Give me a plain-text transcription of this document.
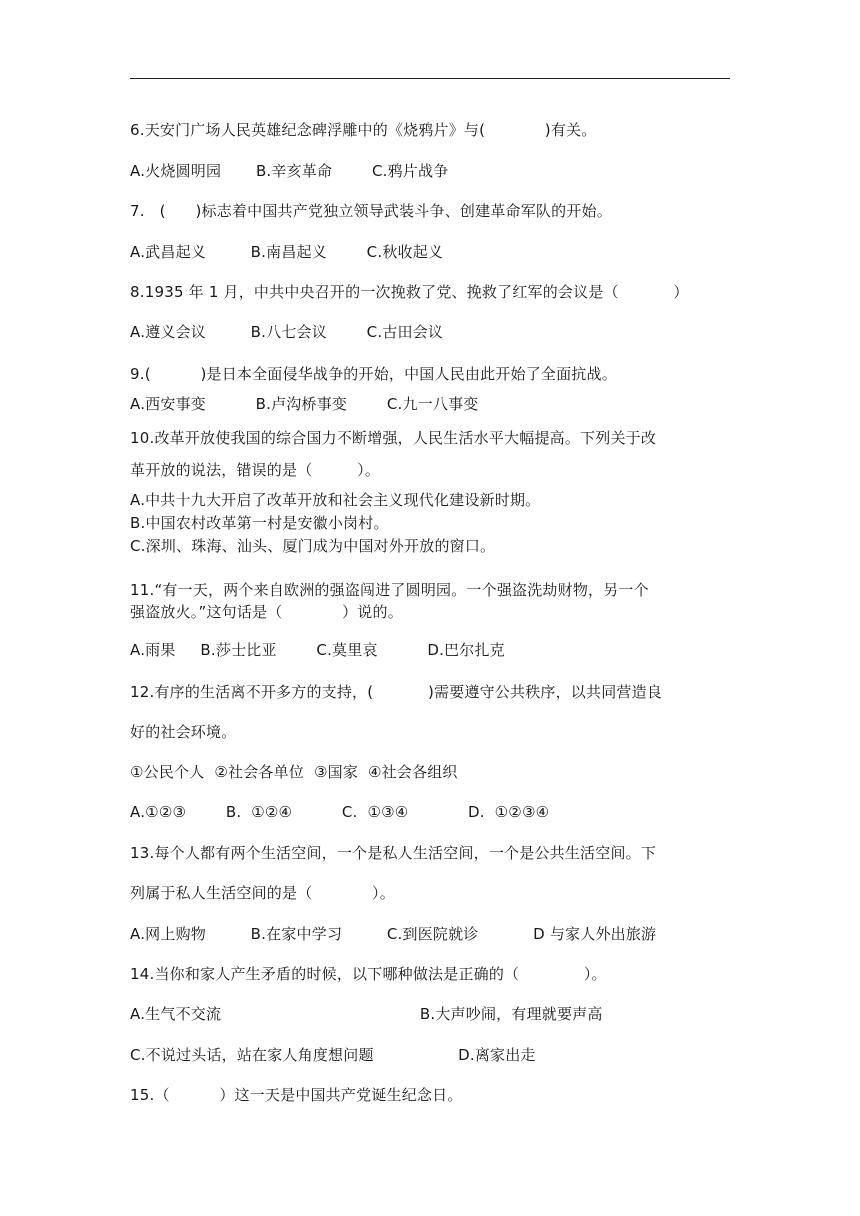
6.天安门广场人民英雄纪念碑浮雕中的《烧鸦片》与(            )有关。
A.火烧圆明园       B.辛亥革命        C.鸦片战争
7.   (      )标志着中国共产党独立领导武装斗争、创建革命军队的开始。
A.武昌起义         B.南昌起义        C.秋收起义
8.1935 年 1 月，中共中央召开的一次挽救了党、挽救了红军的会议是（           ）
A.遵义会议         B.八七会议        C.古田会议
9.(          )是日本全面侵华战争的开始，中国人民由此开始了全面抗战。
A.西安事变          B.卢沟桥事变        C.九一八事变
10.改革开放使我国的综合国力不断增强，人民生活水平大幅提高。下列关于改
革开放的说法，错误的是（         ）。
A.中共十九大开启了改革开放和社会主义现代化建设新时期。
B.中国农村改革第一村是安徽小岗村。
C.深圳、珠海、汕头、厦门成为中国对外开放的窗口。
11.“有一天，两个来自欧洲的强盗闯进了圆明园。一个强盗洗劫财物，另一个
强盗放火。”这句话是（            ）说的。
A.雨果     B.莎士比亚        C.莫里哀          D.巴尔扎克
12.有序的生活离不开多方的支持，(           )需要遵守公共秩序，以共同营造良
好的社会环境。
①公民个人  ②社会各单位  ③国家  ④社会各组织
A.①②③        B.  ①②④          C.  ①③④            D.  ①②③④
13.每个人都有两个生活空间，一个是私人生活空间，一个是公共生活空间。下
列属于私人生活空间的是（            ）。
A.网上购物         B.在家中学习         C.到医院就诊           D 与家人外出旅游
14.当你和家人产生矛盾的时候，以下哪种做法是正确的（             ）。
A.生气不交流                                        B.大声吵闹，有理就要声高
C.不说过头话，站在家人角度想问题                 D.离家出走
15.（          ）这一天是中国共产党诞生纪念日。
